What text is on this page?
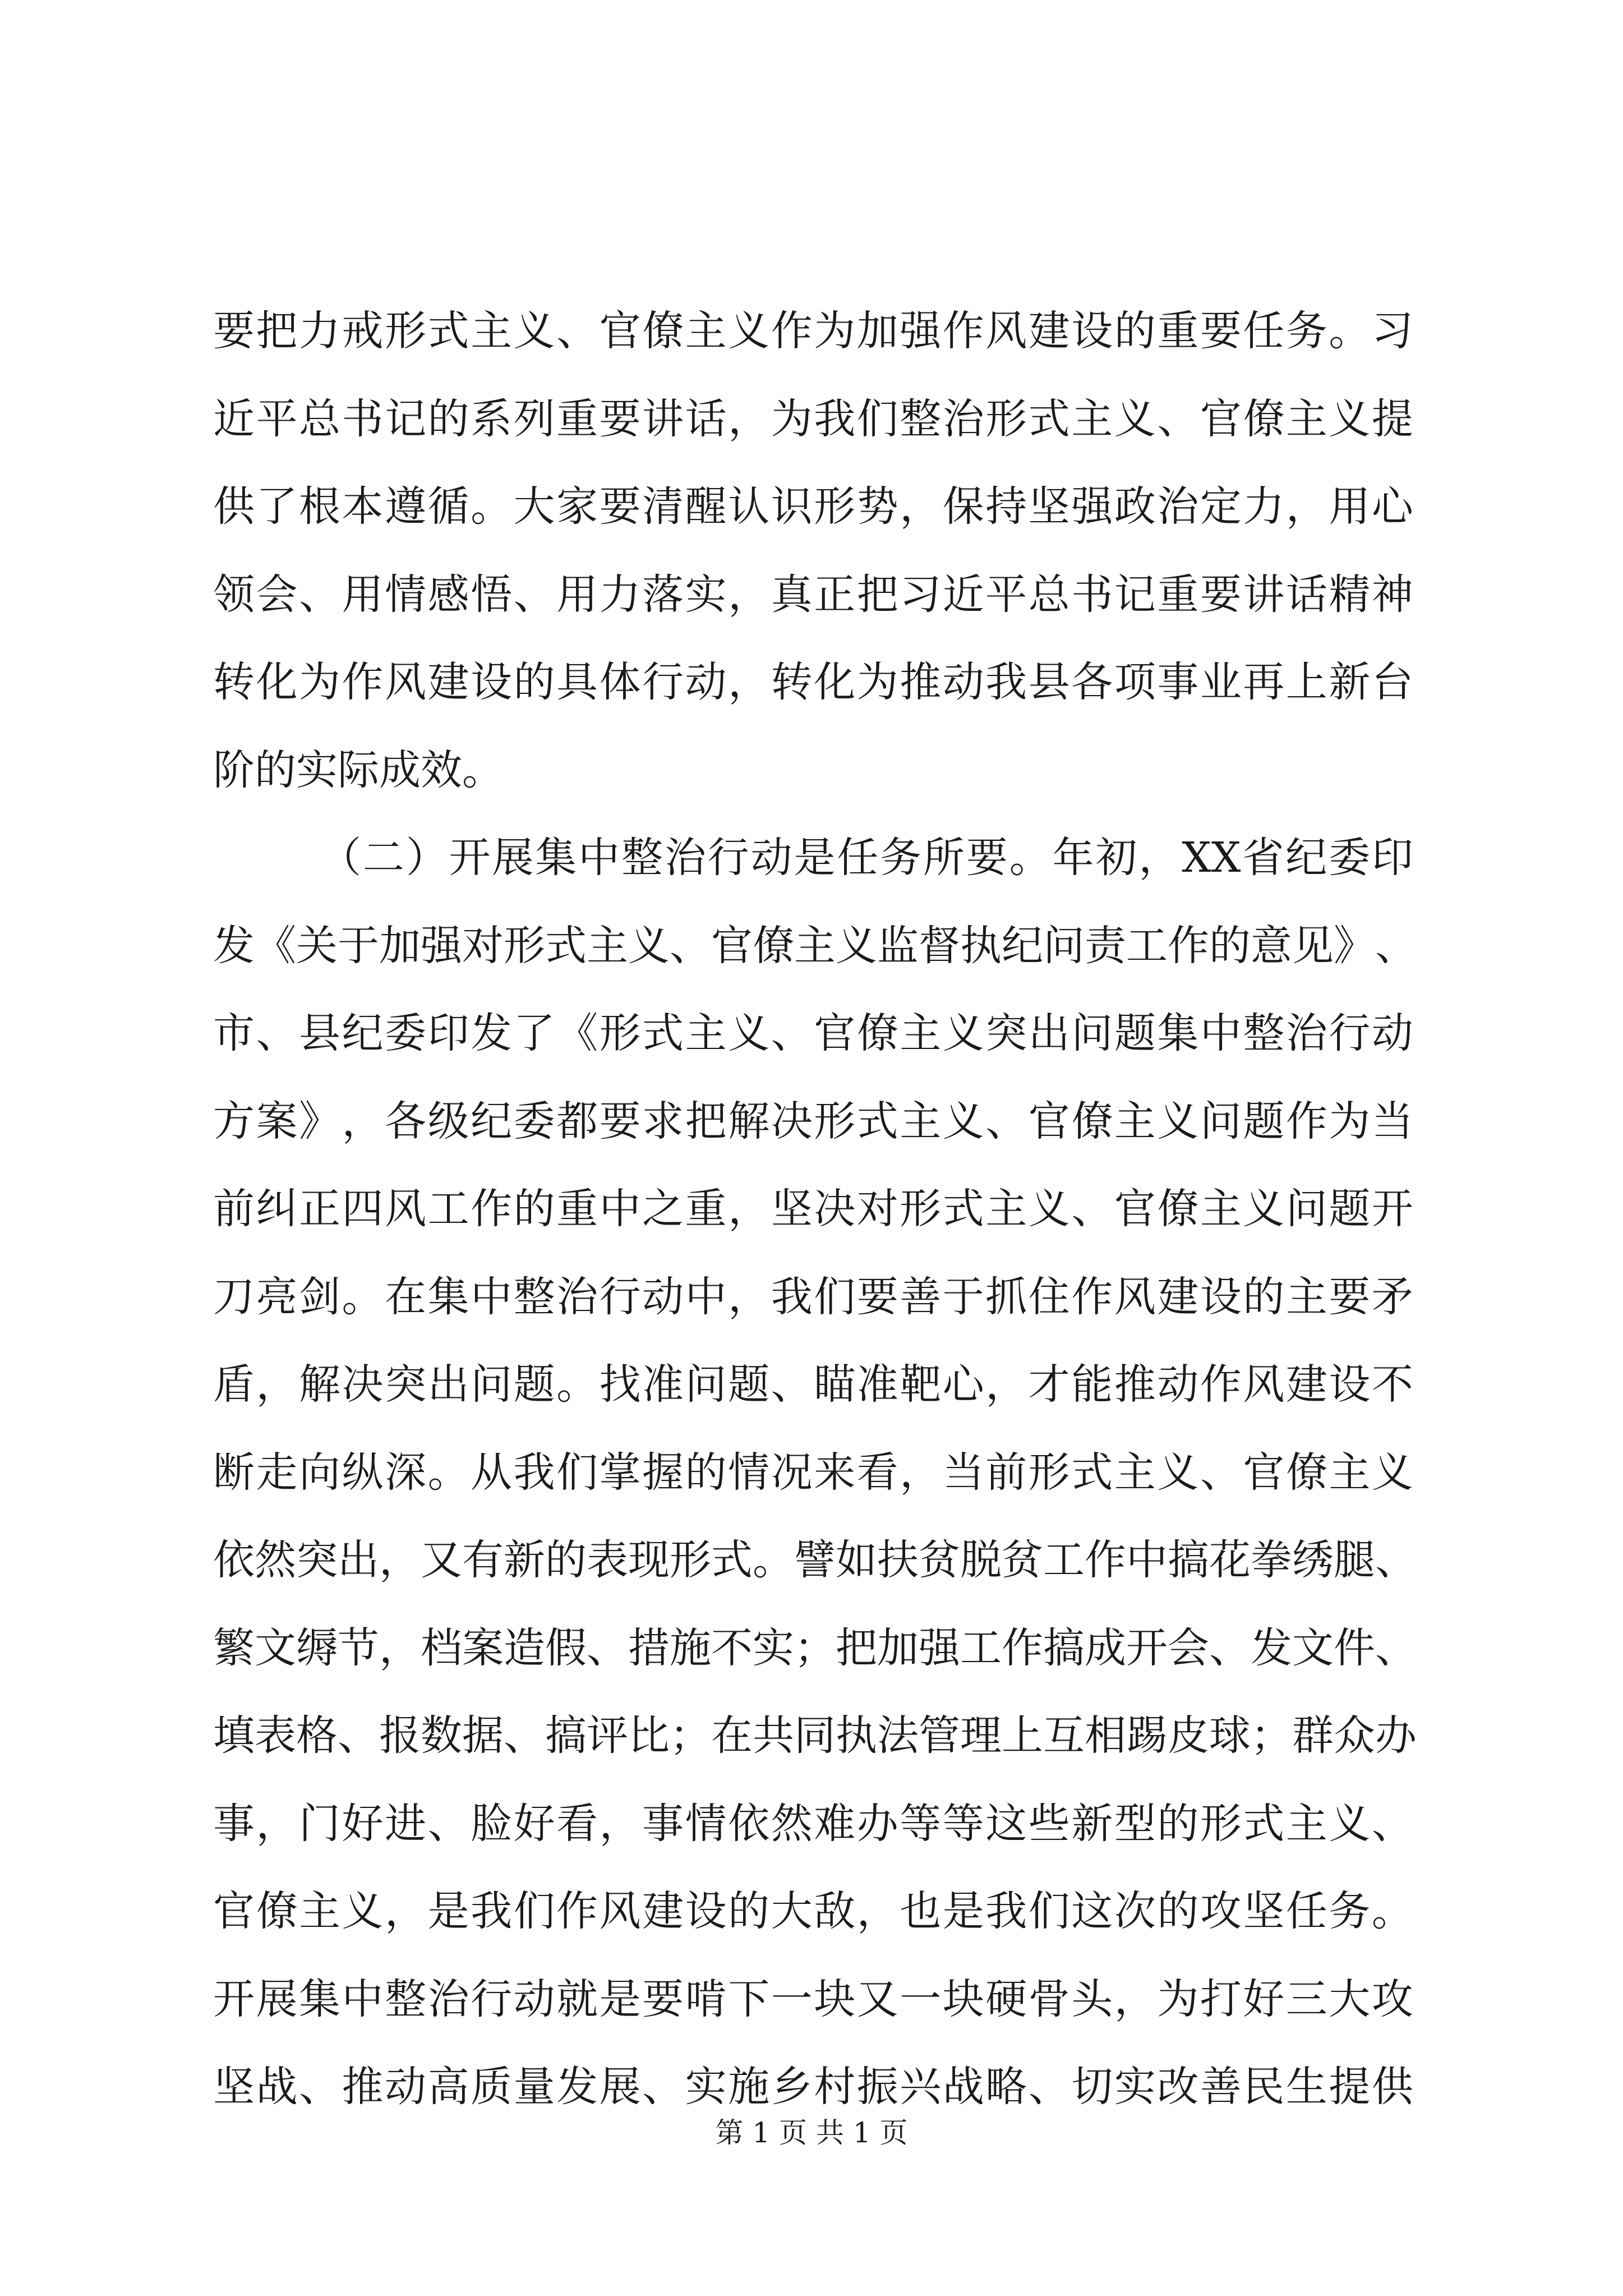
要 把 力 戒 形 式 主 义 、 官 僚 主 义 作 为 加 强 作 风 建 设 的 重 要 任 务 。 习
近 平 总 书 记 的 系 列 重 要 讲 话 ， 为 我 们 整 治 形 式 主 义 、 官 僚 主 义 提
供 了 根 本 遵 循 。 大 家 要 清 醒 认 识 形 势 ， 保 持 坚 强 政 治 定 力 ， 用 心
领 会 、 用 情 感 悟 、 用 力 落 实 ， 真 正 把 习 近 平 总 书 记 重 要 讲 话 精 神
转 化 为 作 风 建 设 的 具 体 行 动 ， 转 化 为 推 动 我 县 各 项 事 业 再 上 新 台
阶 的 实 际 成 效 。
（ 二 ） 开 展 集 中 整 治 行 动 是 任 务 所 要 。 年 初 ， XX 省 纪 委 印
发 《 关 于 加 强 对 形 式 主 义 、 官 僚 主 义 监 督 执 纪 问 责 工 作 的 意 见 》 、
市 、 县 纪 委 印 发 了 《 形 式 主 义 、 官 僚 主 义 突 出 问 题 集 中 整 治 行 动
方 案 》 ， 各 级 纪 委 都 要 求 把 解 决 形 式 主 义 、 官 僚 主 义 问 题 作 为 当
前 纠 正 四 风 工 作 的 重 中 之 重 ， 坚 决 对 形 式 主 义 、 官 僚 主 义 问 题 开
刀 亮 剑 。 在 集 中 整 治 行 动 中 ， 我 们 要 善 于 抓 住 作 风 建 设 的 主 要 矛
盾 ， 解 决 突 出 问 题 。 找 准 问 题 、 瞄 准 靶 心 ， 才 能 推 动 作 风 建 设 不
断 走 向 纵 深 。 从 我 们 掌 握 的 情 况 来 看 ， 当 前 形 式 主 义 、 官 僚 主 义
依 然 突 出 ， 又 有 新 的 表 现 形 式 。 譬 如 扶 贫 脱 贫 工 作 中 搞 花 拳 绣 腿 、
繁 文 缛 节 ， 档 案 造 假 、 措 施 不 实 ； 把 加 强 工 作 搞 成 开 会 、 发 文 件 、
填 表 格 、 报 数 据 、 搞 评 比 ； 在 共 同 执 法 管 理 上 互 相 踢 皮 球 ； 群 众 办
事 ， 门 好 进 、 脸 好 看 ， 事 情 依 然 难 办 等 等 这 些 新 型 的 形 式 主 义 、
官 僚 主 义 ， 是 我 们 作 风 建 设 的 大 敌 ， 也 是 我 们 这 次 的 攻 坚 任 务 。
开 展 集 中 整 治 行 动 就 是 要 啃 下 一 块 又 一 块 硬 骨 头 ， 为 打 好 三 大 攻
坚 战 、 推 动 高 质 量 发 展 、 实 施 乡 村 振 兴 战 略 、 切 实 改 善 民 生 提 供
第 1 页 共 1 页
